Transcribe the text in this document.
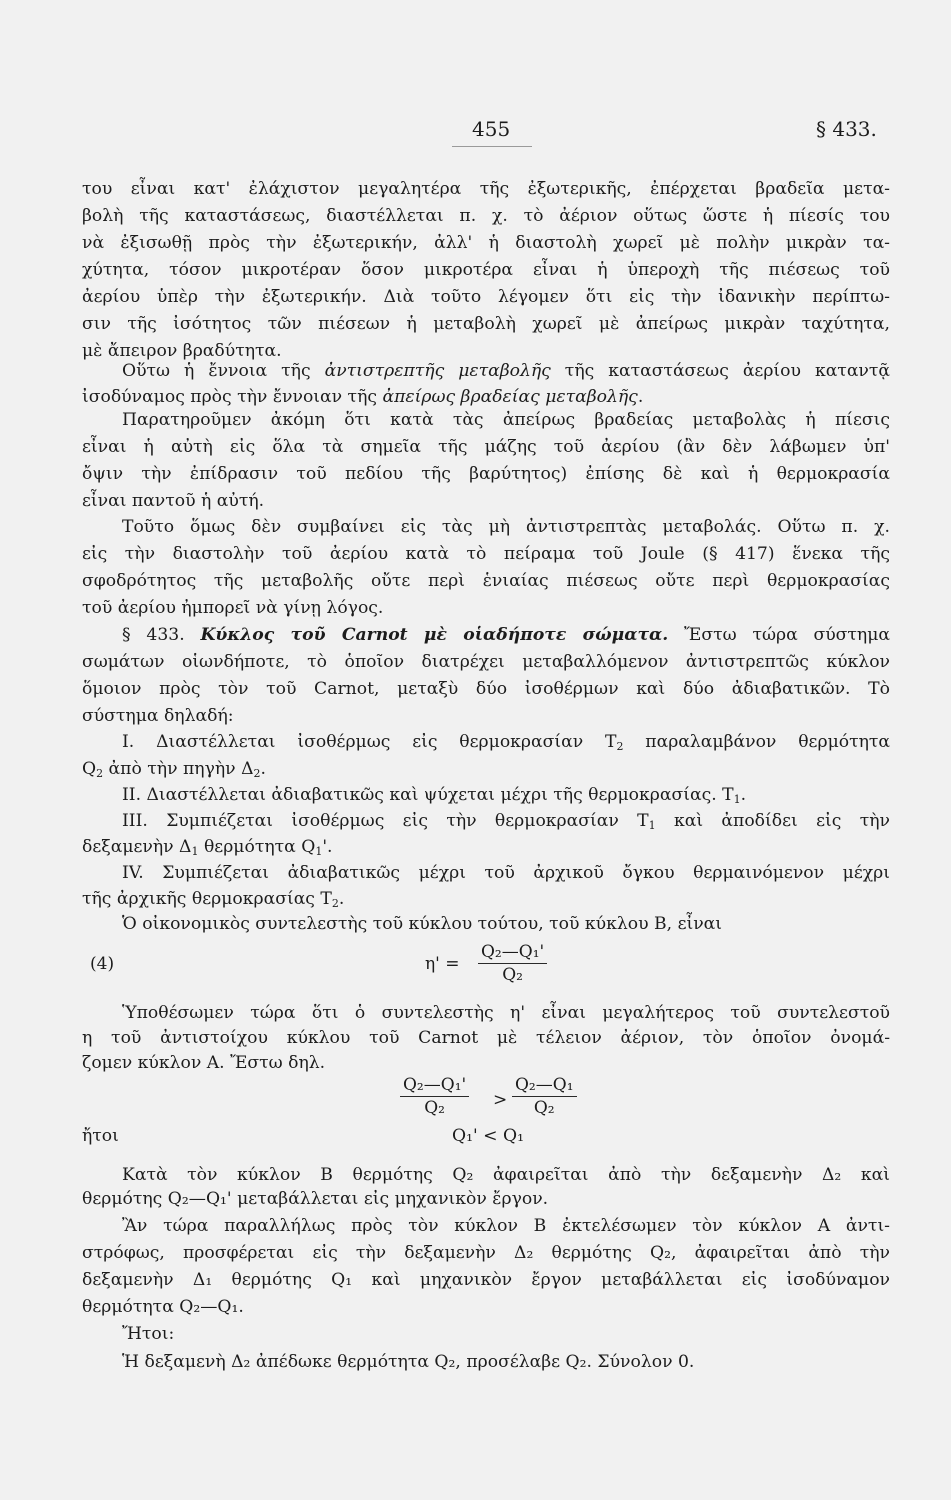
455	§ 433.
του εἶναι κατ' ἐλάχιστον μεγαλητέρα τῆς ἐξωτερικῆς, ἐπέρχεται βραδεῖα μετα-
βολὴ τῆς καταστάσεως, διαστέλλεται π. χ. τὸ ἀέριον οὕτως ὥστε ἡ πίεσίς του
νὰ ἐξισωθῇ πρὸς τὴν ἐξωτερικήν, ἀλλ' ἡ διαστολὴ χωρεῖ μὲ πολὴν μικρὰν τα-
χύτητα, τόσον μικροτέραν ὅσον μικροτέρα εἶναι ἡ ὑπεροχὴ τῆς πιέσεως τοῦ
ἀερίου ὑπὲρ τὴν ἐξωτερικήν. Διὰ τοῦτο λέγομεν ὅτι εἰς τὴν ἰδανικὴν περίπτω-
σιν τῆς ἰσότητος τῶν πιέσεων ἡ μεταβολὴ χωρεῖ μὲ ἀπείρως μικρὰν ταχύτητα,
μὲ ἄπειρον βραδύτητα.
Οὕτω ἡ ἔννοια τῆς ἀντιστρεπτῆς μεταβολῆς τῆς καταστάσεως ἀερίου καταντᾷ
ἰσοδύναμος πρὸς τὴν ἔννοιαν τῆς ἀπείρως βραδείας μεταβολῆς.
Παρατηροῦμεν ἀκόμη ὅτι κατὰ τὰς ἀπείρως βραδείας μεταβολὰς ἡ πίεσις
εἶναι ἡ αὐτὴ εἰς ὅλα τὰ σημεῖα τῆς μάζης τοῦ ἀερίου (ἂν δὲν λάβωμεν ὑπ'
ὄψιν τὴν ἐπίδρασιν τοῦ πεδίου τῆς βαρύτητος) ἐπίσης δὲ καὶ ἡ θερμοκρασία
εἶναι παντοῦ ἡ αὐτή.
Τοῦτο ὅμως δὲν συμβαίνει εἰς τὰς μὴ ἀντιστρεπτὰς μεταβολάς. Οὕτω π. χ.
εἰς τὴν διαστολὴν τοῦ ἀερίου κατὰ τὸ πείραμα τοῦ Joule (§ 417) ἕνεκα τῆς
σφοδρότητος τῆς μεταβολῆς οὔτε περὶ ἑνιαίας πιέσεως οὔτε περὶ θερμοκρασίας
τοῦ ἀερίου ἠμπορεῖ νὰ γίνῃ λόγος.
§ 433. Κύκλος τοῦ Carnot μὲ οἱαδήποτε σώματα. Ἔστω τώρα σύστημα
σωμάτων οἱωνδήποτε, τὸ ὁποῖον διατρέχει μεταβαλλόμενον ἀντιστρεπτῶς κύκλον
ὅμοιον πρὸς τὸν τοῦ Carnot, μεταξὺ δύο ἰσοθέρμων καὶ δύο ἀδιαβατικῶν. Τὸ
σύστημα δηλαδή:
I. Διαστέλλεται ἰσοθέρμως εἰς θερμοκρασίαν $T_2$ παραλαμβάνον θερμότητα
$Q_2$ ἀπὸ τὴν πηγὴν $\Delta_2$.
II. Διαστέλλεται ἀδιαβατικῶς καὶ ψύχεται μέχρι τῆς θερμοκρασίας. $T_1$.
III. Συμπιέζεται ἰσοθέρμως εἰς τὴν θερμοκρασίαν $T_1$ καὶ ἀποδίδει εἰς τὴν
δεξαμενὴν $\Delta_1$ θερμότητα $Q_1'$.
IV. Συμπιέζεται ἀδιαβατικῶς μέχρι τοῦ ἀρχικοῦ ὄγκου θερμαινόμενον μέχρι
τῆς ἀρχικῆς θερμοκρασίας $T_2$.
Ὁ οἰκονομικὸς συντελεστὴς τοῦ κύκλου τούτου, τοῦ κύκλου B, εἶναι
(4)	η' =
Q₂—Q₁'
Q₂
Ὑποθέσωμεν τώρα ὅτι ὁ συντελεστὴς η' εἶναι μεγαλήτερος τοῦ συντελεστοῦ
η τοῦ ἀντιστοίχου κύκλου τοῦ Carnot μὲ τέλειον ἀέριον, τὸν ὁποῖον ὀνομά-
ζομεν κύκλον A. Ἔστω δηλ.
Q₂—Q₁'
Q₂	>
Q₂—Q₁
Q₂
ἤτοι	Q₁' < Q₁
Κατὰ τὸν κύκλον B θερμότης Q₂ ἀφαιρεῖται ἀπὸ τὴν δεξαμενὴν Δ₂ καὶ
θερμότης Q₂—Q₁' μεταβάλλεται εἰς μηχανικὸν ἔργον.
Ἂν τώρα παραλλήλως πρὸς τὸν κύκλον B ἐκτελέσωμεν τὸν κύκλον A ἀντι-
στρόφως, προσφέρεται εἰς τὴν δεξαμενὴν Δ₂ θερμότης Q₂, ἀφαιρεῖται ἀπὸ τὴν
δεξαμενὴν Δ₁ θερμότης Q₁ καὶ μηχανικὸν ἔργον μεταβάλλεται εἰς ἰσοδύναμον
θερμότητα Q₂—Q₁.
Ἤτοι:
Ἡ δεξαμενὴ Δ₂ ἀπέδωκε θερμότητα Q₂, προσέλαβε Q₂. Σύνολον 0.
